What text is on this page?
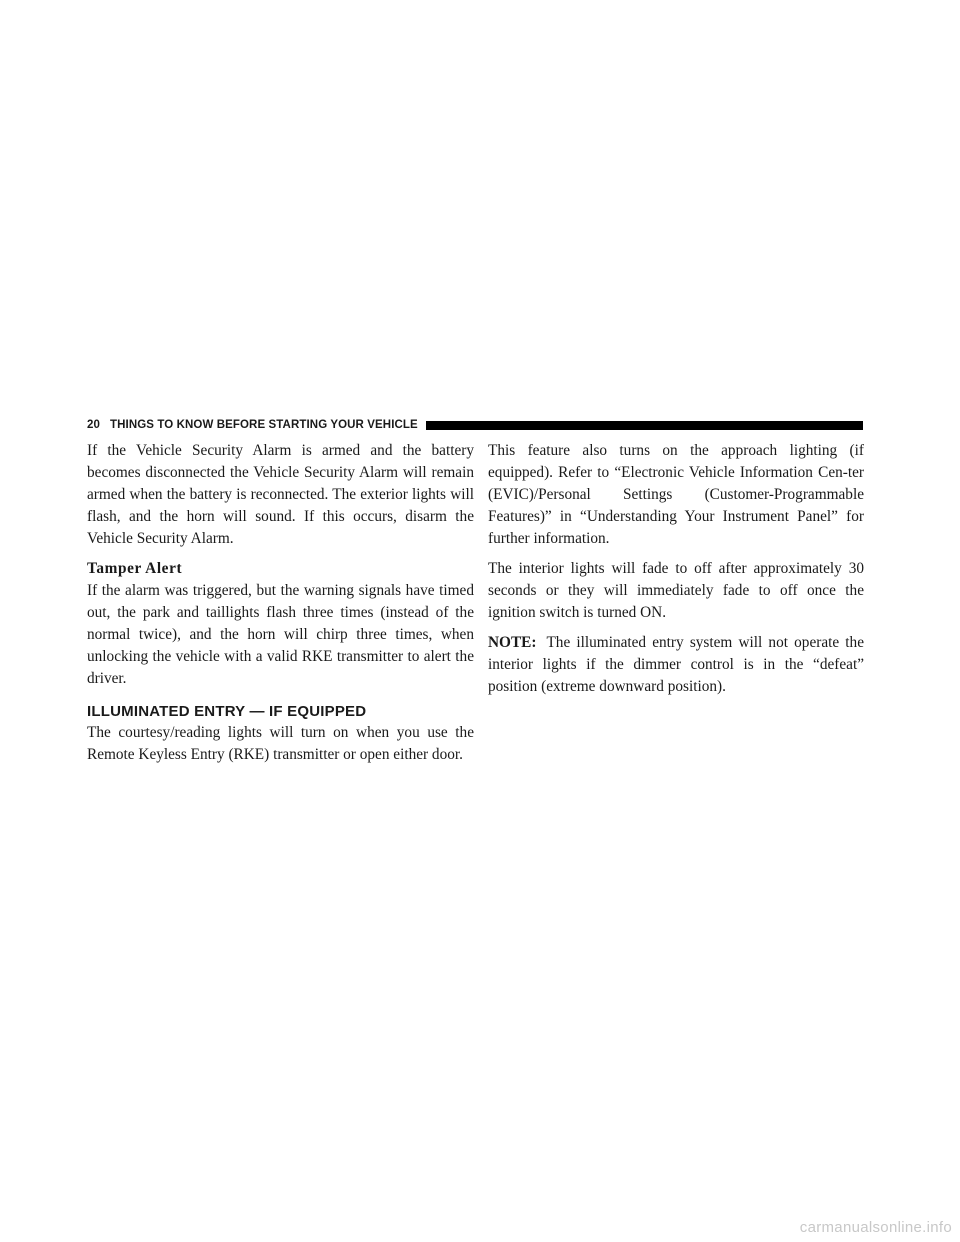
20 THINGS TO KNOW BEFORE STARTING YOUR VEHICLE

If the Vehicle Security Alarm is armed and the battery becomes disconnected the Vehicle Security Alarm will remain armed when the battery is reconnected. The exterior lights will flash, and the horn will sound. If this occurs, disarm the Vehicle Security Alarm.

Tamper Alert

If the alarm was triggered, but the warning signals have timed out, the park and taillights flash three times (instead of the normal twice), and the horn will chirp three times, when unlocking the vehicle with a valid RKE transmitter to alert the driver.

ILLUMINATED ENTRY — IF EQUIPPED

The courtesy/reading lights will turn on when you use the Remote Keyless Entry (RKE) transmitter or open either door.

This feature also turns on the approach lighting (if equipped). Refer to “Electronic Vehicle Information Cen-ter (EVIC)/Personal Settings (Customer-Programmable Features)” in “Understanding Your Instrument Panel” for further information.

The interior lights will fade to off after approximately 30 seconds or they will immediately fade to off once the ignition switch is turned ON.

NOTE: The illuminated entry system will not operate the interior lights if the dimmer control is in the “defeat” position (extreme downward position).

carmanualsonline.info
